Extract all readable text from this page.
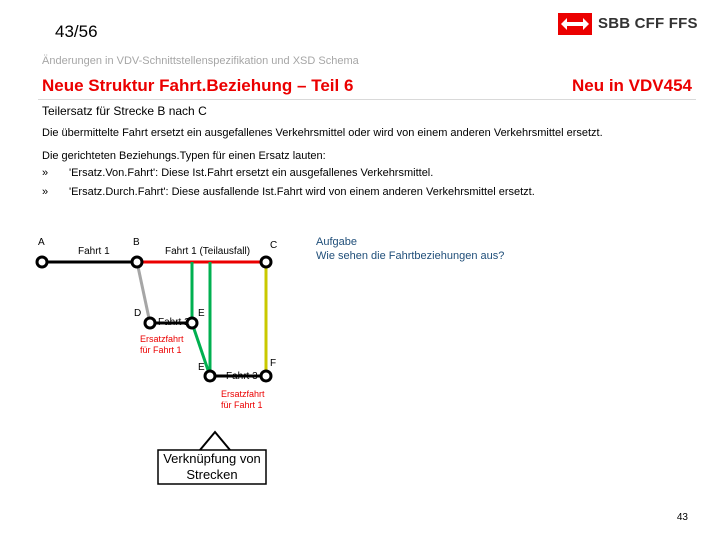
43/56	SBB CFF FFS
Änderungen in VDV-Schnittstellenspezifikation und XSD Schema
Neue Struktur Fahrt.Beziehung – Teil 6	Neu in VDV454
Teilersatz für Strecke B nach C
Die übermittelte Fahrt ersetzt ein ausgefallenes Verkehrsmittel oder wird von einem anderen Verkehrsmittel ersetzt.
Die gerichteten Beziehungs.Typen für einen Ersatz lauten:
» 'Ersatz.Von.Fahrt': Diese Ist.Fahrt ersetzt ein ausgefallenes Verkehrsmittel.
» 'Ersatz.Durch.Fahrt': Diese ausfallende Ist.Fahrt wird von einem anderen Verkehrsmittel ersetzt.
A	B	C
D	E
E	F
Fahrt 1	Fahrt 1 (Teilausfall)
Fahrt 2
Fahrt 3
Ersatzfahrt
für Fahrt 1
Ersatzfahrt
für Fahrt 1
Verknüpfung von Strecken
Aufgabe
Wie sehen die Fahrtbeziehungen aus?
43
